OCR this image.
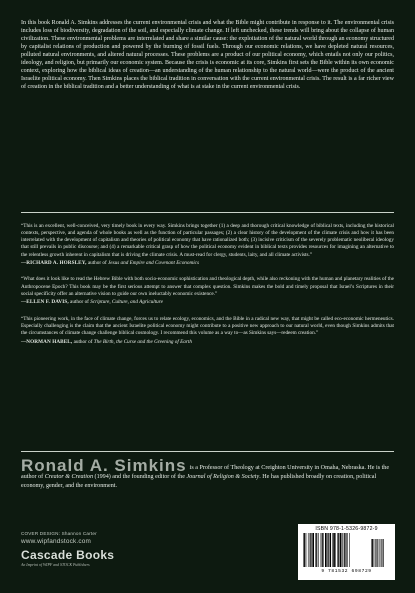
In this book Ronald A. Simkins addresses the current environmental crisis and what the Bible might contribute in response to it. The environmental crisis includes loss of biodiversity, degradation of the soil, and especially climate change. If left unchecked, these trends will bring about the collapse of human civilization. These environmental problems are interrelated and share a similar cause: the exploitation of the natural world through an economy structured by capitalist relations of production and powered by the burning of fossil fuels. Through our economic relations, we have depleted natural resources, polluted natural environments, and altered natural processes. These problems are a product of our political economy, which entails not only our politics, ideology, and religion, but primarily our economic system. Because the crisis is economic at its core, Simkins first sets the Bible within its own economic context, exploring how the biblical ideas of creation—an understanding of the human relationship to the natural world—were the product of the ancient Israelite political economy. Then Simkins places the biblical tradition in conversation with the current environmental crisis. The result is a far richer view of creation in the biblical tradition and a better understanding of what is at stake in the current environmental crisis.

“This is an excellent, well-conceived, very timely book in every way. Simkins brings together (1) a deep and thorough critical knowledge of biblical texts, including the historical contexts, perspective, and agenda of whole books as well as the function of particular passages; (2) a clear history of the development of the climate crisis and how it has been interrelated with the development of capitalism and theories of political economy that have rationalized both; (3) incisive criticism of the severely problematic neoliberal ideology that still prevails in public discourse; and (4) a remarkable critical grasp of how the political economy evident in biblical texts provides resources for imagining an alternative to the relentless growth inherent in capitalism that is driving the climate crisis. A must-read for clergy, students, laity, and all climate activists.”
—RICHARD A. HORSLEY, author of Jesus and Empire and Covenant Economics
“What does it look like to read the Hebrew Bible with both socio-economic sophistication and theological depth, while also reckoning with the human and planetary realities of the Anthropocene Epoch? This book may be the first serious attempt to answer that complex question. Simkins makes the bold and timely proposal that Israel’s Scriptures in their social specificity offer an alternative vision to guide our own ineluctably economic existence.”
—ELLEN F. DAVIS, author of Scripture, Culture, and Agriculture
“This pioneering work, in the face of climate change, forces us to relate ecology, economics, and the Bible in a radical new way, that might be called eco-economic hermeneutics. Especially challenging is the claim that the ancient Israelite political economy might contribute to a positive new approach to our natural world, even though Simkins admits that the circumstances of climate change challenge biblical cosmology. I recommend this volume as a way to—as Simkins says—redeem creation.”
—NORMAN HABEL, author of The Birth, the Curse and the Greening of Earth
Ronald A. Simkins is a Professor of Theology at Creighton University in Omaha, Nebraska. He is the author of Creator & Creation (1994) and the founding editor of the Journal of Religion & Society. He has published broadly on creation, political economy, gender, and the environment.
COVER DESIGN: Shannon Carter
www.wipfandstock.com
Cascade Books
An Imprint of WIPF and STOCK Publishers
ISBN 978-1-5326-9872-9
9 781532 698729
